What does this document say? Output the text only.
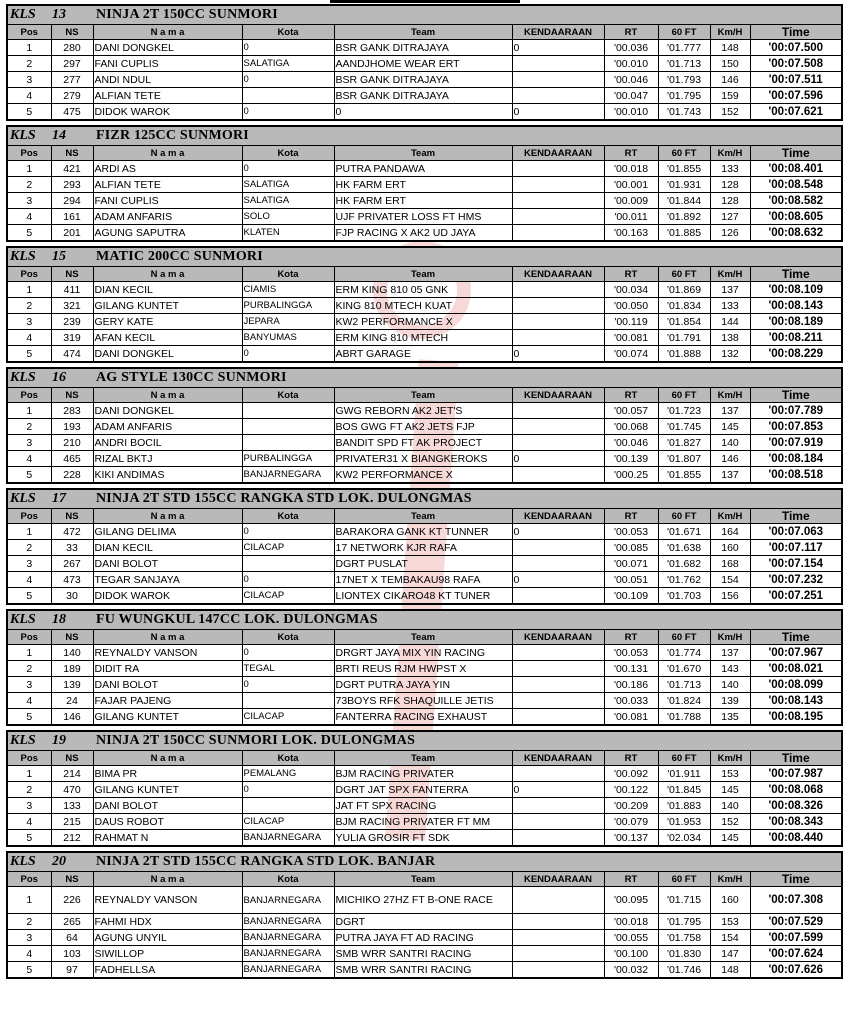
KLS	13	NINJA 2T 150CC SUNMORI
Pos	NS	N a m a	Kota	Team	KENDAARAAN	RT	60 FT	Km/H	Time
1	280	DANI DONGKEL	0	BSR GANK DITRAJAYA	0	'00.036	'01.777	148	'00:07.500
2	297	FANI CUPLIS	SALATIGA	AANDJHOME WEAR ERT		'00.010	'01.713	150	'00:07.508
3	277	ANDI NDUL	0	BSR GANK DITRAJAYA		'00.046	'01.793	146	'00:07.511
4	279	ALFIAN TETE		BSR GANK DITRAJAYA		'00.047	'01.795	159	'00:07.596
5	475	DIDOK WAROK	0	0	0	'00.010	'01.743	152	'00:07.621
KLS	14	FIZR 125CC SUNMORI
Pos	NS	N a m a	Kota	Team	KENDAARAAN	RT	60 FT	Km/H	Time
1	421	ARDI AS	0	PUTRA PANDAWA		'00.018	'01.855	133	'00:08.401
2	293	ALFIAN TETE	SALATIGA	HK FARM ERT		'00.001	'01.931	128	'00:08.548
3	294	FANI CUPLIS	SALATIGA	HK FARM ERT		'00.009	'01.844	128	'00:08.582
4	161	ADAM ANFARIS	SOLO	UJF PRIVATER LOSS FT HMS		'00.011	'01.892	127	'00:08.605
5	201	AGUNG SAPUTRA	KLATEN	FJP RACING X AK2 UD JAYA		'00.163	'01.885	126	'00:08.632
KLS	15	MATIC 200CC SUNMORI
Pos	NS	N a m a	Kota	Team	KENDAARAAN	RT	60 FT	Km/H	Time
1	411	DIAN KECIL	CIAMIS	ERM KING 810 05 GNK		'00.034	'01.869	137	'00:08.109
2	321	GILANG KUNTET	PURBALINGGA	KING 810 MTECH KUAT		'00.050	'01.834	133	'00:08.143
3	239	GERY KATE	JEPARA	KW2 PERFORMANCE X		'00.119	'01.854	144	'00:08.189
4	319	AFAN KECIL	BANYUMAS	ERM KING 810 MTECH		'00.081	'01.791	138	'00:08.211
5	474	DANI DONGKEL	0	ABRT GARAGE	0	'00.074	'01.888	132	'00:08.229
KLS	16	AG STYLE 130CC SUNMORI
Pos	NS	N a m a	Kota	Team	KENDAARAAN	RT	60 FT	Km/H	Time
1	283	DANI DONGKEL		GWG REBORN AK2 JET'S		'00.057	'01.723	137	'00:07.789
2	193	ADAM ANFARIS		BOS GWG FT AK2 JETS FJP		'00.068	'01.745	145	'00:07.853
3	210	ANDRI BOCIL		BANDIT SPD FT AK PROJECT		'00.046	'01.827	140	'00:07.919
4	465	RIZAL BKTJ	PURBALINGGA	PRIVATER31 X BIANGKEROKS	0	'00.139	'01.807	146	'00:08.184
5	228	KIKI ANDIMAS	BANJARNEGARA	KW2 PERFORMANCE X		'000.25	'01.855	137	'00:08.518
KLS	17	NINJA 2T STD 155CC RANGKA STD LOK. DULONGMAS
Pos	NS	N a m a	Kota	Team	KENDAARAAN	RT	60 FT	Km/H	Time
1	472	GILANG DELIMA	0	BARAKORA GANK KT TUNNER	0	'00.053	'01.671	164	'00:07.063
2	33	DIAN KECIL	CILACAP	17 NETWORK KJR RAFA		'00.085	'01.638	160	'00:07.117
3	267	DANI BOLOT		DGRT PUSLAT		'00.071	'01.682	168	'00:07.154
4	473	TEGAR SANJAYA	0	17NET X TEMBAKAU98 RAFA	0	'00.051	'01.762	154	'00:07.232
5	30	DIDOK WAROK	CILACAP	LIONTEX CIKARO48 KT TUNER		'00.109	'01.703	156	'00:07.251
KLS	18	FU WUNGKUL 147CC LOK. DULONGMAS
Pos	NS	N a m a	Kota	Team	KENDAARAAN	RT	60 FT	Km/H	Time
1	140	REYNALDY VANSON	0	DRGRT JAYA MIX YIN RACING		'00.053	'01.774	137	'00:07.967
2	189	DIDIT RA	TEGAL	BRTI REUS RJM HWPST X		'00.131	'01.670	143	'00:08.021
3	139	DANI BOLOT	0	DGRT PUTRA JAYA YIN		'00.186	'01.713	140	'00:08.099
4	24	FAJAR PAJENG		73BOYS RFK SHAQUILLE JETIS		'00.033	'01.824	139	'00:08.143
5	146	GILANG KUNTET	CILACAP	FANTERRA RACING EXHAUST		'00.081	'01.788	135	'00:08.195
KLS	19	NINJA 2T 150CC SUNMORI LOK. DULONGMAS
Pos	NS	N a m a	Kota	Team	KENDAARAAN	RT	60 FT	Km/H	Time
1	214	BIMA PR	PEMALANG	BJM RACING PRIVATER		'00.092	'01.911	153	'00:07.987
2	470	GILANG KUNTET	0	DGRT JAT SPX FANTERRA	0	'00.122	'01.845	145	'00:08.068
3	133	DANI BOLOT		JAT FT SPX RACING		'00.209	'01.883	140	'00:08.326
4	215	DAUS ROBOT	CILACAP	BJM RACING PRIVATER FT MM		'00.079	'01.953	152	'00:08.343
5	212	RAHMAT N	BANJARNEGARA	YULIA GROSIR FT SDK		'00.137	'02.034	145	'00:08.440
KLS	20	NINJA 2T STD 155CC RANGKA STD LOK. BANJAR
Pos	NS	N a m a	Kota	Team	KENDAARAAN	RT	60 FT	Km/H	Time
1	226	REYNALDY VANSON	BANJARNEGARA	MICHIKO 27HZ FT B-ONE RACE		'00.095	'01.715	160	'00:07.308
2	265	FAHMI HDX	BANJARNEGARA	DGRT		'00.018	'01.795	153	'00:07.529
3	64	AGUNG UNYIL	BANJARNEGARA	PUTRA JAYA FT AD RACING		'00.055	'01.758	154	'00:07.599
4	103	SIWILLOP	BANJARNEGARA	SMB WRR SANTRI RACING		'00.100	'01.830	147	'00:07.624
5	97	FADHELLSA	BANJARNEGARA	SMB WRR SANTRI RACING		'00.032	'01.746	148	'00:07.626
